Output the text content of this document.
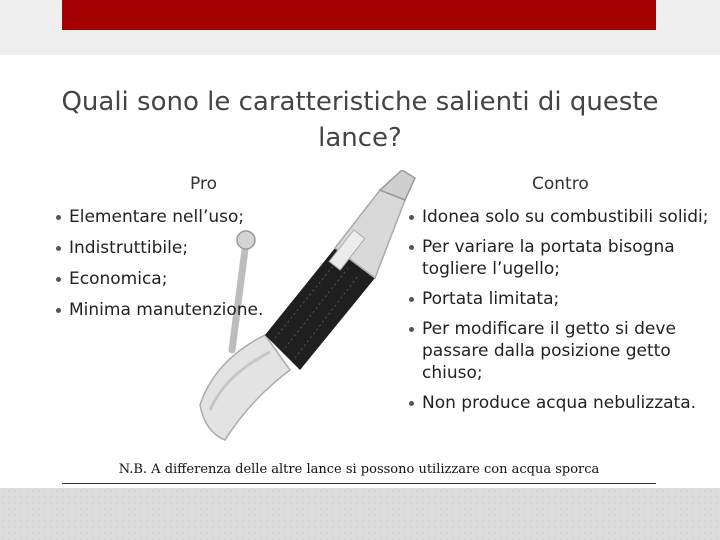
Quali sono le caratteristiche salienti di queste lance?
Pro
Elementare nell’uso;
Indistruttibile;
Economica;
Minima manutenzione.
Contro
Idonea solo su combustibili solidi;
Per variare la portata bisogna togliere l’ugello;
Portata limitata;
Per modificare il getto si deve passare dalla posizione getto chiuso;
Non produce acqua nebulizzata.
N.B. A differenza delle altre lance si possono utilizzare con acqua sporca
